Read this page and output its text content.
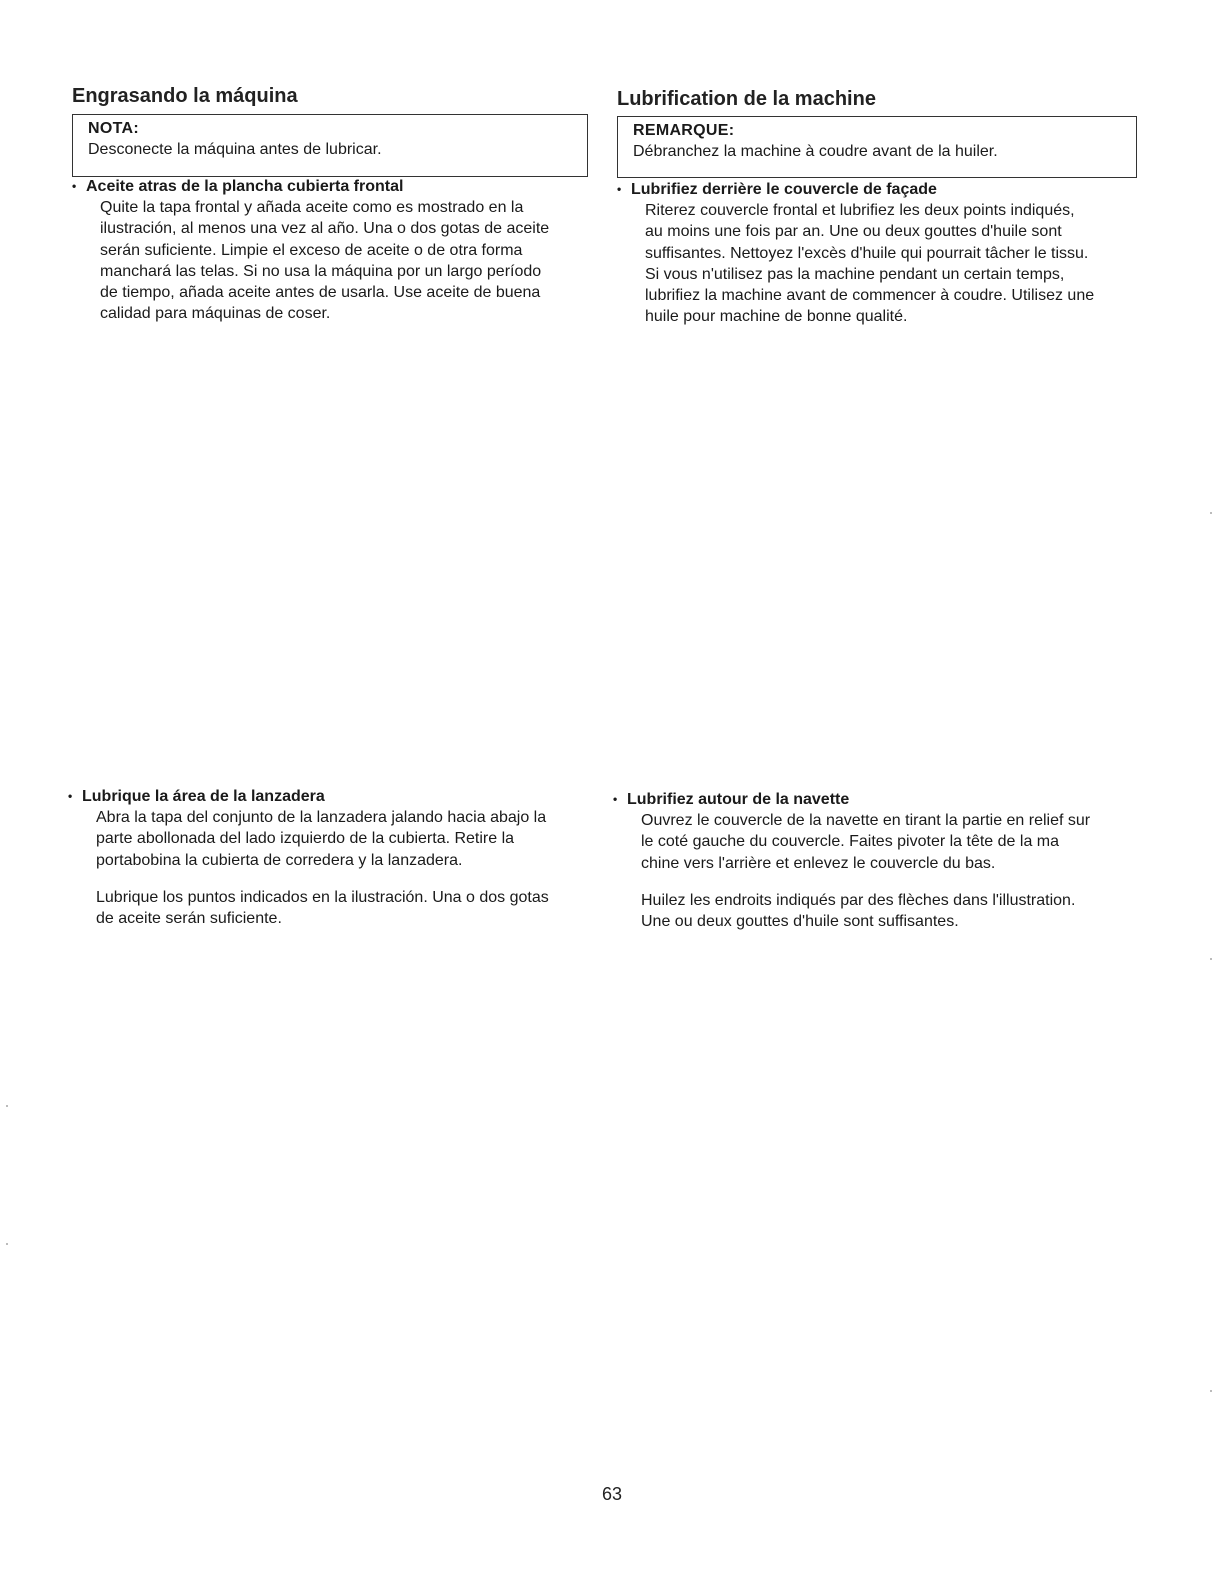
Engrasando la máquina
NOTA:
Desconecte la máquina antes de lubricar.
• Aceite atras de la plancha cubierta frontal

Quite la tapa frontal y añada aceite como es mostrado en la

ilustración, al menos una vez al año. Una o dos gotas de aceite

serán suficiente. Limpie el exceso de aceite o de otra forma

manchará las telas. Si no usa la máquina por un largo período

de tiempo, añada aceite antes de usarla. Use aceite de buena

calidad para máquinas de coser.

• Lubrique la área de la lanzadera

Abra la tapa del conjunto de la lanzadera jalando hacia abajo la

parte abollonada del lado izquierdo de la cubierta. Retire la

portabobina la cubierta de corredera y la lanzadera.

Lubrique los puntos indicados en la ilustración. Una o dos gotas

de aceite serán suficiente.

Lubrification de la machine
REMARQUE:
Débranchez la machine à coudre avant de la huiler.
• Lubrifiez derrière le couvercle de façade

Riterez couvercle frontal et lubrifiez les deux points indiqués,

au moins une fois par an. Une ou deux gouttes d'huile sont

suffisantes. Nettoyez l'excès d'huile qui pourrait tâcher le tissu.

Si vous n'utilisez pas la machine pendant un certain temps,

lubrifiez la machine avant de commencer à coudre. Utilisez une

huile pour machine de bonne qualité.

• Lubrifiez autour de la navette

Ouvrez le couvercle de la navette en tirant la partie en relief sur

le coté gauche du couvercle. Faites pivoter la tête de la ma

chine vers l'arrière et enlevez le couvercle du bas.

Huilez les endroits indiqués par des flèches dans l'illustration.

Une ou deux gouttes d'huile sont suffisantes.

63
